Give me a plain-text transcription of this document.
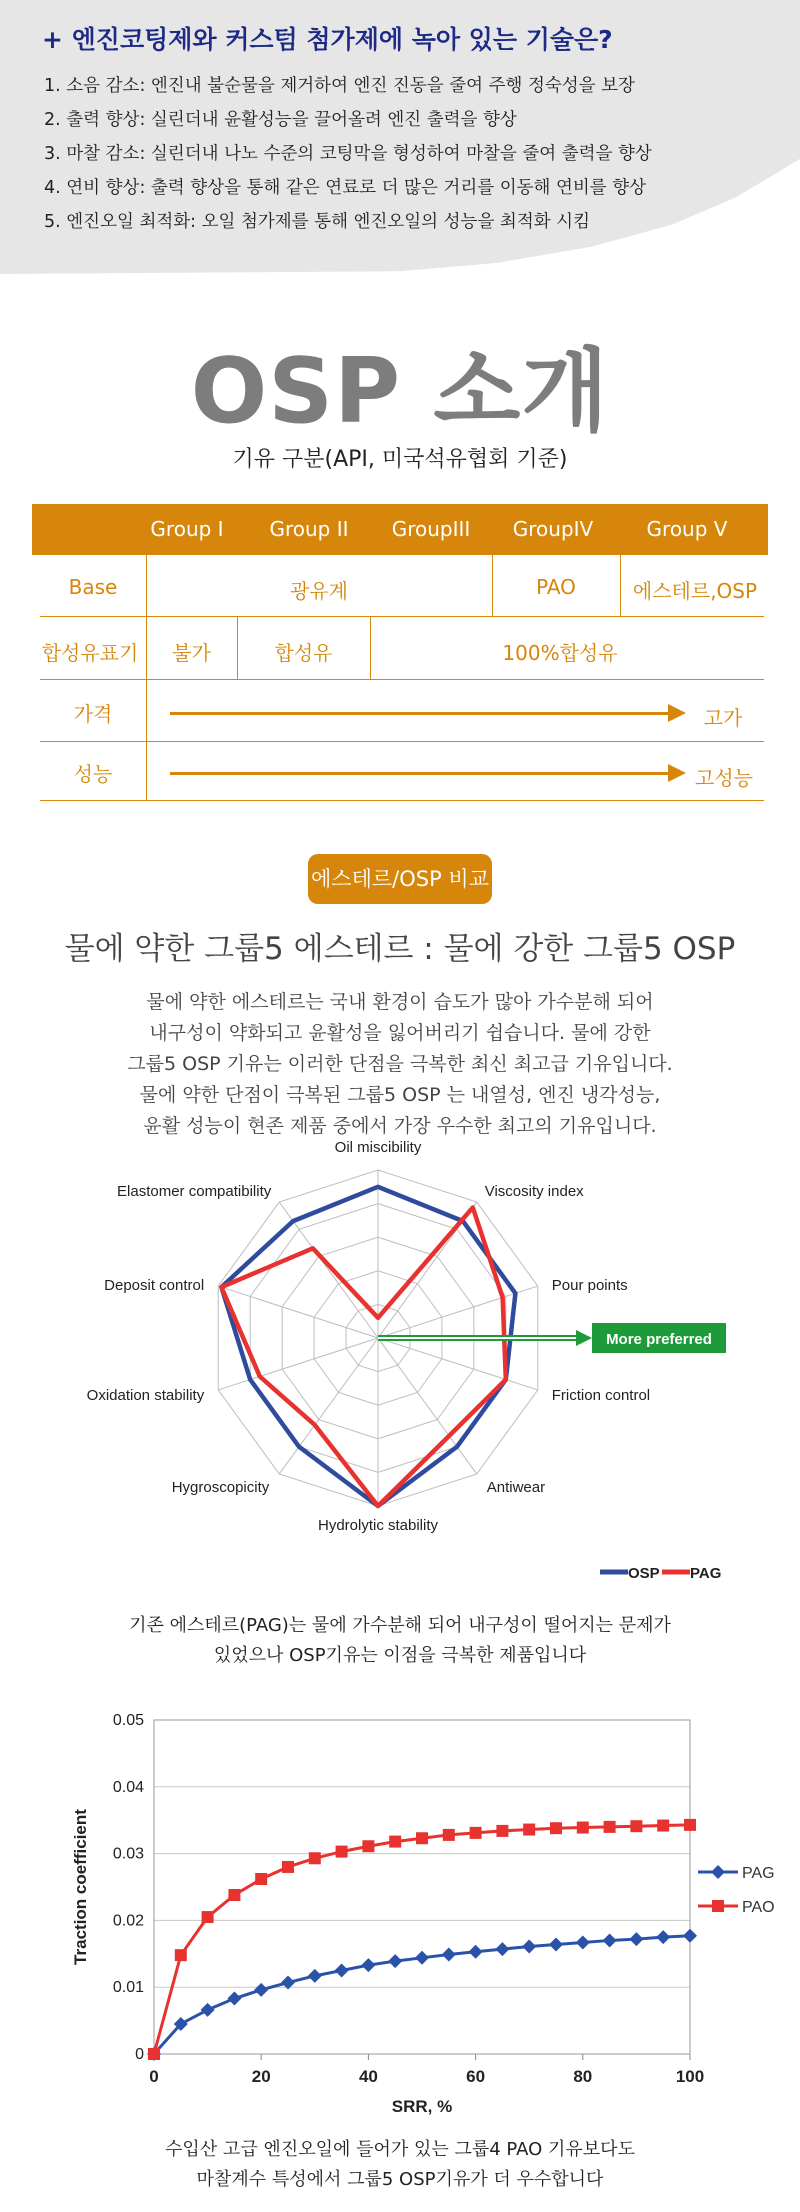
+ 엔진코팅제와 커스텀 첨가제에 녹아 있는 기술은?
1. 소음 감소: 엔진내 불순물을 제거하여 엔진 진동을 줄여 주행 정숙성을 보장
2. 출력 향상: 실린더내 윤활성능을 끌어올려 엔진 출력을 향상
3. 마찰 감소: 실린더내 나노 수준의 코팅막을 형성하여 마찰을 줄여 출력을 향상
4. 연비 향상: 출력 향상을 통해 같은 연료로 더 많은 거리를 이동해 연비를 향상
5. 엔진오일 최적화: 오일 첨가제를 통해 엔진오일의 성능을 최적화 시킴
OSP 소개
기유 구분(API, 미국석유협회 기준)
Group I	Group II	GroupIII	GroupIV	Group V
Base	광유계	PAO	에스테르,OSP
합성유표기	불가	합성유	100%합성유
가격	고가
성능	고성능
에스테르/OSP 비교
물에 약한 그룹5 에스테르 : 물에 강한 그룹5 OSP
물에 약한 에스테르는 국내 환경이 습도가 많아 가수분해 되어
내구성이 약화되고 윤활성을 잃어버리기 쉽습니다. 물에 강한
그룹5 OSP 기유는 이러한 단점을 극복한 최신 최고급 기유입니다.
물에 약한 단점이 극복된 그룹5 OSP 는 내열성, 엔진 냉각성능,
윤활 성능이 현존 제품 중에서 가장 우수한 최고의 기유입니다.
Oil miscibility
Viscosity index
Pour points
Friction control
Antiwear
Hydrolytic stability
Hygroscopicity
Oxidation stability
Deposit control
Elastomer compatibility
More preferred
OSP PAG
기존 에스테르(PAG)는 물에 가수분해 되어 내구성이 떨어지는 문제가
있었으나 OSP기유는 이점을 극복한 제품입니다
0
0.01
0.02
0.03
0.04
0.05
0	20	40	60	80	100
SRR, %
Traction coefficient	PAG
PAO
수입산 고급 엔진오일에 들어가 있는 그룹4 PAO 기유보다도
마찰계수 특성에서 그룹5 OSP기유가 더 우수합니다
